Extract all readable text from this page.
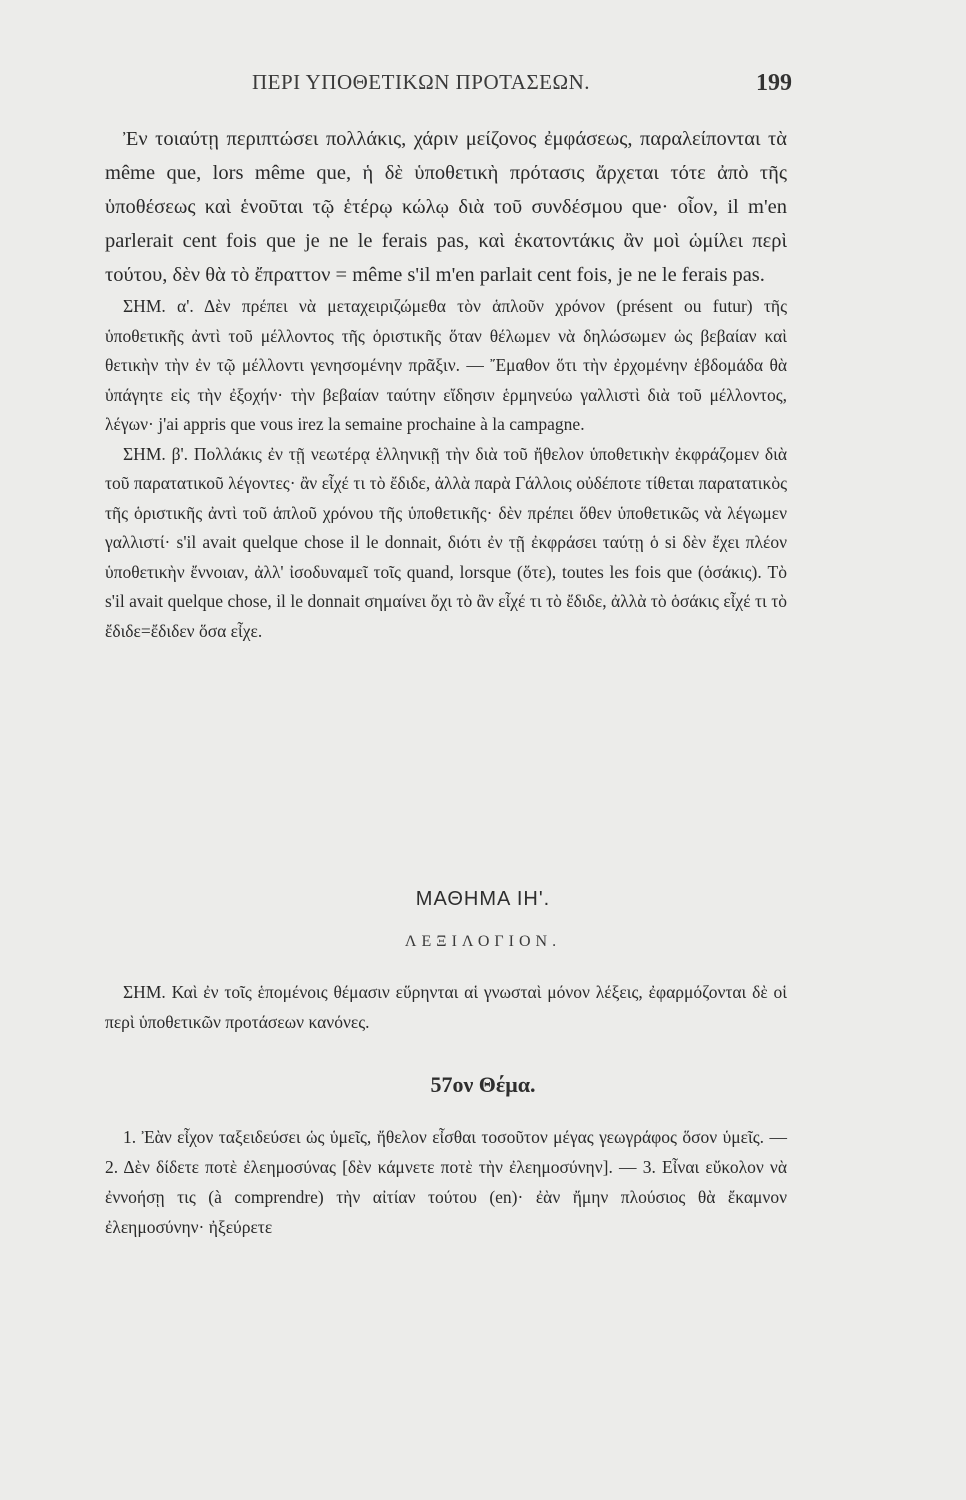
ΠΕΡΙ ΥΠΟΘΕΤΙΚΩΝ ΠΡΟΤΑΣΕΩΝ.	199

Ἐν τοιαύτῃ περιπτώσει πολλάκις, χάριν μείζονος ἐμφάσεως, παραλείπονται τὰ même que, lors même que, ἡ δὲ ὑποθετικὴ πρότασις ἄρχεται τότε ἀπὸ τῆς ὑποθέσεως καὶ ἑνοῦται τῷ ἑτέρῳ κώλῳ διὰ τοῦ συνδέσμου que· οἷον, il m'en parlerait cent fois que je ne le ferais pas, καὶ ἑκατοντάκις ἂν μοὶ ὡμίλει περὶ τούτου, δὲν θὰ τὸ ἔπραττον = même s'il m'en parlait cent fois, je ne le ferais pas.

ΣΗΜ. α'. Δὲν πρέπει νὰ μεταχειριζώμεθα τὸν ἁπλοῦν χρόνον (présent ou futur) τῆς ὑποθετικῆς ἀντὶ τοῦ μέλλοντος τῆς ὁριστικῆς ὅταν θέλωμεν νὰ δηλώσωμεν ὡς βεβαίαν καὶ θετικὴν τὴν ἐν τῷ μέλλοντι γενησομένην πρᾶξιν. — Ἔμαθον ὅτι τὴν ἐρχομένην ἑβδομάδα θὰ ὑπάγητε εἰς τὴν ἐξοχήν· τὴν βεβαίαν ταύτην εἴδησιν ἑρμηνεύω γαλλιστὶ διὰ τοῦ μέλλοντος, λέγων· j'ai appris que vous irez la semaine prochaine à la campagne.

ΣΗΜ. β'. Πολλάκις ἐν τῇ νεωτέρᾳ ἑλληνικῇ τὴν διὰ τοῦ ἤθελον ὑποθετικὴν ἐκφράζομεν διὰ τοῦ παρατατικοῦ λέγοντες· ἂν εἶχέ τι τὸ ἔδιδε, ἀλλὰ παρὰ Γάλλοις οὐδέποτε τίθεται παρατατικὸς τῆς ὁριστικῆς ἀντὶ τοῦ ἁπλοῦ χρόνου τῆς ὑποθετικῆς· δὲν πρέπει ὅθεν ὑποθετικῶς νὰ λέγωμεν γαλλιστί· s'il avait quelque chose il le donnait, διότι ἐν τῇ ἐκφράσει ταύτῃ ὁ si δὲν ἔχει πλέον ὑποθετικὴν ἔννοιαν, ἀλλ' ἰσοδυναμεῖ τοῖς quand, lorsque (ὅτε), toutes les fois que (ὁσάκις). Τὸ s'il avait quelque chose, il le donnait σημαίνει ὄχι τὸ ἂν εἶχέ τι τὸ ἔδιδε, ἀλλὰ τὸ ὁσάκις εἶχέ τι τὸ ἔδιδε=ἔδιδεν ὅσα εἶχε.

ΜΑΘΗΜΑ ΙΗ'.
ΛΕΞΙΛΟΓΙΟΝ.

ΣΗΜ. Καὶ ἐν τοῖς ἑπομένοις θέμασιν εὕρηνται αἱ γνωσταὶ μόνον λέξεις, ἐφαρμόζονται δὲ οἱ περὶ ὑποθετικῶν προτάσεων κανόνες.

57ον Θέμα.

1. Ἐὰν εἶχον ταξειδεύσει ὡς ὑμεῖς, ἤθελον εἶσθαι τοσοῦτον μέγας γεωγράφος ὅσον ὑμεῖς. — 2. Δὲν δίδετε ποτὲ ἐλεημοσύνας [δὲν κάμνετε ποτὲ τὴν ἐλεημοσύνην]. — 3. Εἶναι εὔκολον νὰ ἐννοήσῃ τις (à comprendre) τὴν αἰτίαν τούτου (en)· ἐὰν ἤμην πλούσιος θὰ ἔκαμνον ἐλεημοσύνην· ἠξεύρετε
